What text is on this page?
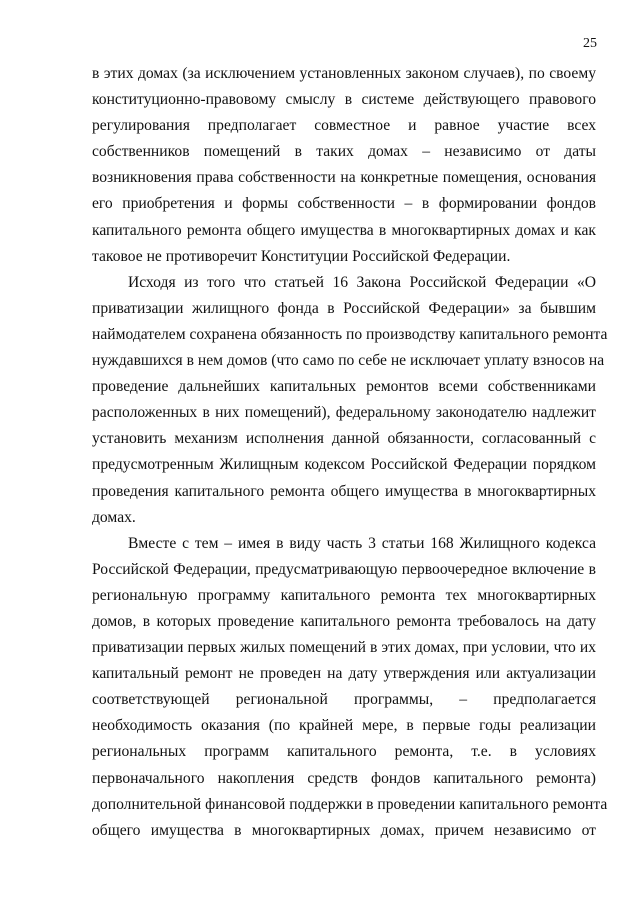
25
в этих домах (за исключением установленных законом случаев), по своему
конституционно-правовому смыслу в системе действующего правового
регулирования предполагает совместное и равное участие всех
собственников помещений в таких домах – независимо от даты
возникновения права собственности на конкретные помещения, основания
его приобретения и формы собственности – в формировании фондов
капитального ремонта общего имущества в многоквартирных домах и как
таковое не противоречит Конституции Российской Федерации.
Исходя из того что статьей 16 Закона Российской Федерации «О
приватизации жилищного фонда в Российской Федерации» за бывшим
наймодателем сохранена обязанность по производству капитального ремонта
нуждавшихся в нем домов (что само по себе не исключает уплату взносов на
проведение дальнейших капитальных ремонтов всеми собственниками
расположенных в них помещений), федеральному законодателю надлежит
установить механизм исполнения данной обязанности, согласованный с
предусмотренным Жилищным кодексом Российской Федерации порядком
проведения капитального ремонта общего имущества в многоквартирных
домах.
Вместе с тем – имея в виду часть 3 статьи 168 Жилищного кодекса
Российской Федерации, предусматривающую первоочередное включение в
региональную программу капитального ремонта тех многоквартирных
домов, в которых проведение капитального ремонта требовалось на дату
приватизации первых жилых помещений в этих домах, при условии, что их
капитальный ремонт не проведен на дату утверждения или актуализации
соответствующей региональной программы, – предполагается
необходимость оказания (по крайней мере, в первые годы реализации
региональных программ капитального ремонта, т.е. в условиях
первоначального накопления средств фондов капитального ремонта)
дополнительной финансовой поддержки в проведении капитального ремонта
общего имущества в многоквартирных домах, причем независимо от
